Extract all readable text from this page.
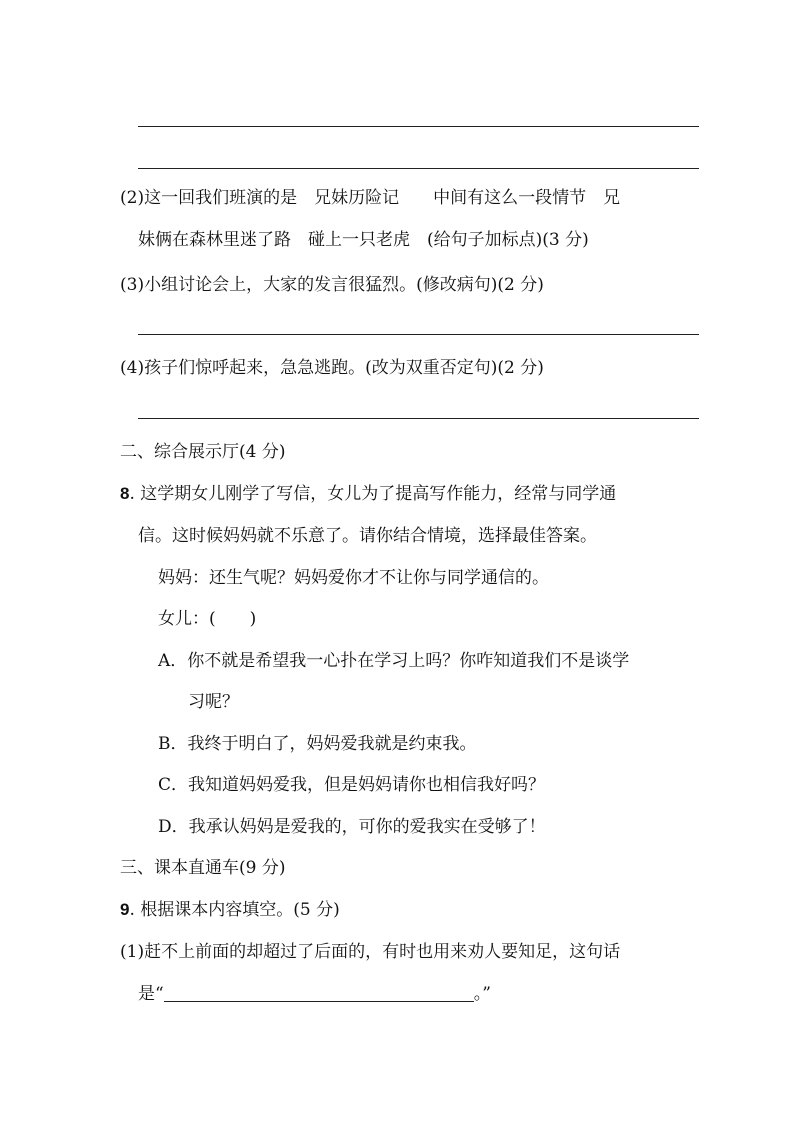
(2)这一回我们班演的是　兄妹历险记　　中间有这么一段情节　兄
妹俩在森林里迷了路　碰上一只老虎　(给句子加标点)(3 分)
(3)小组讨论会上，大家的发言很猛烈。(修改病句)(2 分)
(4)孩子们惊呼起来，急急逃跑。(改为双重否定句)(2 分)
二、综合展示厅(4 分)
8. 这学期女儿刚学了写信，女儿为了提高写作能力，经常与同学通
信。这时候妈妈就不乐意了。请你结合情境，选择最佳答案。
妈妈：还生气呢？妈妈爱你才不让你与同学通信的。
女儿：(　　)
A．你不就是希望我一心扑在学习上吗？你咋知道我们不是谈学
习呢？
B．我终于明白了，妈妈爱我就是约束我。
C．我知道妈妈爱我，但是妈妈请你也相信我好吗？
D．我承认妈妈是爱我的，可你的爱我实在受够了！
三、课本直通车(9 分)
9. 根据课本内容填空。(5 分)
(1)赶不上前面的却超过了后面的，有时也用来劝人要知足，这句话
是“	。”
